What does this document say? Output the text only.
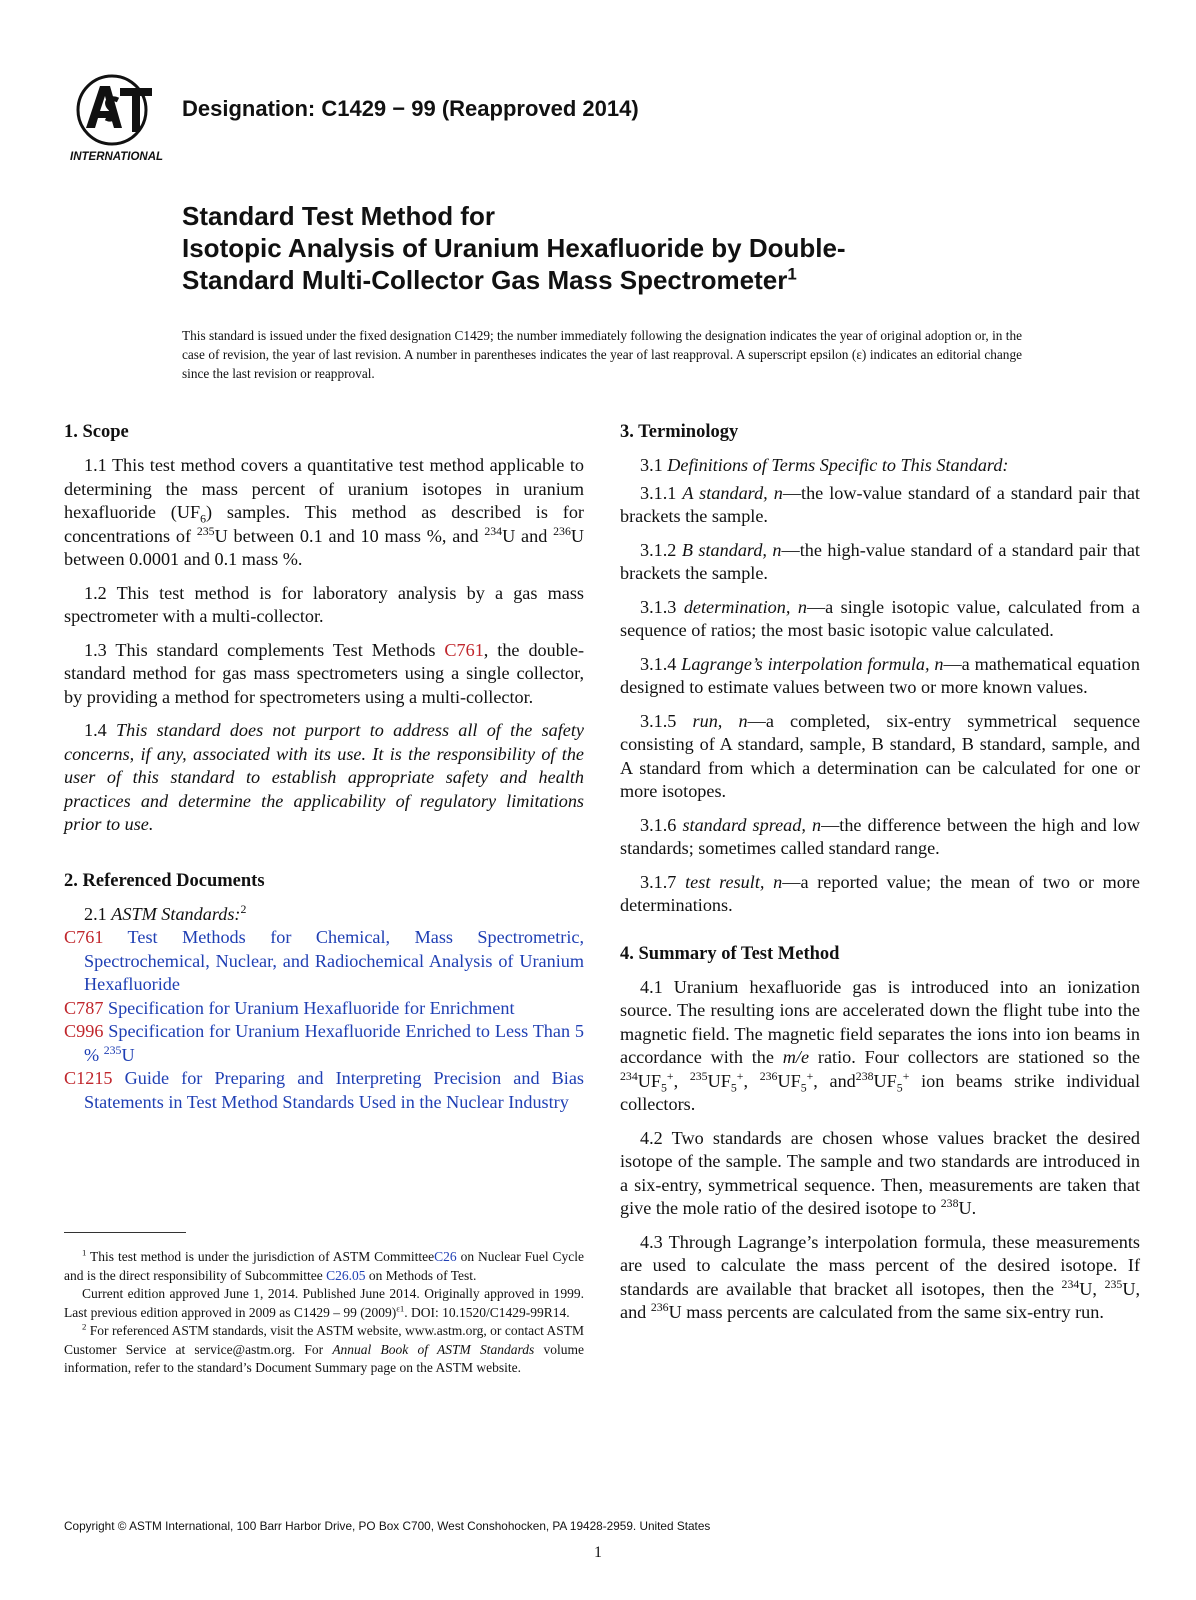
INTERNATIONAL
Designation: C1429 − 99 (Reapproved 2014)
Standard Test Method for
Isotopic Analysis of Uranium Hexafluoride by Double-
Standard Multi-Collector Gas Mass Spectrometer$^1$
This standard is issued under the fixed designation C1429; the number immediately following the designation indicates the year of original adoption or, in the case of revision, the year of last revision. A number in parentheses indicates the year of last reapproval. A superscript epsilon (ε) indicates an editorial change since the last revision or reapproval.
1. Scope

1.1 This test method covers a quantitative test method applicable to determining the mass percent of uranium isotopes in uranium hexafluoride $(UF_6)$ samples. This method as described is for concentrations of $^{235}$U between 0.1 and 10 mass %, and $^{234}$U and $^{236}$U between 0.0001 and 0.1 mass %.

1.2 This test method is for laboratory analysis by a gas mass spectrometer with a multi-collector.

1.3 This standard complements Test Methods C761, the double-standard method for gas mass spectrometers using a single collector, by providing a method for spectrometers using a multi-collector.

1.4 This standard does not purport to address all of the safety concerns, if any, associated with its use. It is the responsibility of the user of this standard to establish appropriate safety and health practices and determine the applicability of regulatory limitations prior to use.

2. Referenced Documents

2.1 ASTM Standards:$^2$

C761 Test Methods for Chemical, Mass Spectrometric, Spectrochemical, Nuclear, and Radiochemical Analysis of Uranium Hexafluoride
C787 Specification for Uranium Hexafluoride for Enrichment
C996 Specification for Uranium Hexafluoride Enriched to Less Than 5 % $^{235}$U
C1215 Guide for Preparing and Interpreting Precision and Bias Statements in Test Method Standards Used in the Nuclear Industry
3. Terminology

3.1 Definitions of Terms Specific to This Standard:

3.1.1 A standard, n—the low-value standard of a standard pair that brackets the sample.

3.1.2 B standard, n—the high-value standard of a standard pair that brackets the sample.

3.1.3 determination, n—a single isotopic value, calculated from a sequence of ratios; the most basic isotopic value calculated.

3.1.4 Lagrange’s interpolation formula, n—a mathematical equation designed to estimate values between two or more known values.

3.1.5 run, n—a completed, six-entry symmetrical sequence consisting of A standard, sample, B standard, B standard, sample, and A standard from which a determination can be calculated for one or more isotopes.

3.1.6 standard spread, n—the difference between the high and low standards; sometimes called standard range.

3.1.7 test result, n—a reported value; the mean of two or more determinations.

4. Summary of Test Method

4.1 Uranium hexafluoride gas is introduced into an ionization source. The resulting ions are accelerated down the flight tube into the magnetic field. The magnetic field separates the ions into ion beams in accordance with the m/e ratio. Four collectors are stationed so the $^{234}UF_5^+$, $^{235}UF_5^+$, $^{236}UF_5^+$, $and^{238}UF_5^+$ ion beams strike individual collectors.

4.2 Two standards are chosen whose values bracket the desired isotope of the sample. The sample and two standards are introduced in a six-entry, symmetrical sequence. Then, measurements are taken that give the mole ratio of the desired isotope to $^{238}$U.

4.3 Through Lagrange’s interpolation formula, these measurements are used to calculate the mass percent of the desired isotope. If standards are available that bracket all isotopes, then the $^{234}$U, $^{235}$U, and $^{236}$U mass percents are calculated from the same six-entry run.

$^1$ This test method is under the jurisdiction of ASTM CommitteeC26 on Nuclear Fuel Cycle and is the direct responsibility of Subcommittee C26.05 on Methods of Test.

Current edition approved June 1, 2014. Published June 2014. Originally approved in 1999. Last previous edition approved in 2009 as C1429 – 99 $(2009)^{\varepsilon 1}$. DOI: 10.1520/C1429-99R14.

$^2$ For referenced ASTM standards, visit the ASTM website, www.astm.org, or contact ASTM Customer Service at service@astm.org. For Annual Book of ASTM Standards volume information, refer to the standard’s Document Summary page on the ASTM website.

Copyright © ASTM International, 100 Barr Harbor Drive, PO Box C700, West Conshohocken, PA 19428-2959. United States
1
